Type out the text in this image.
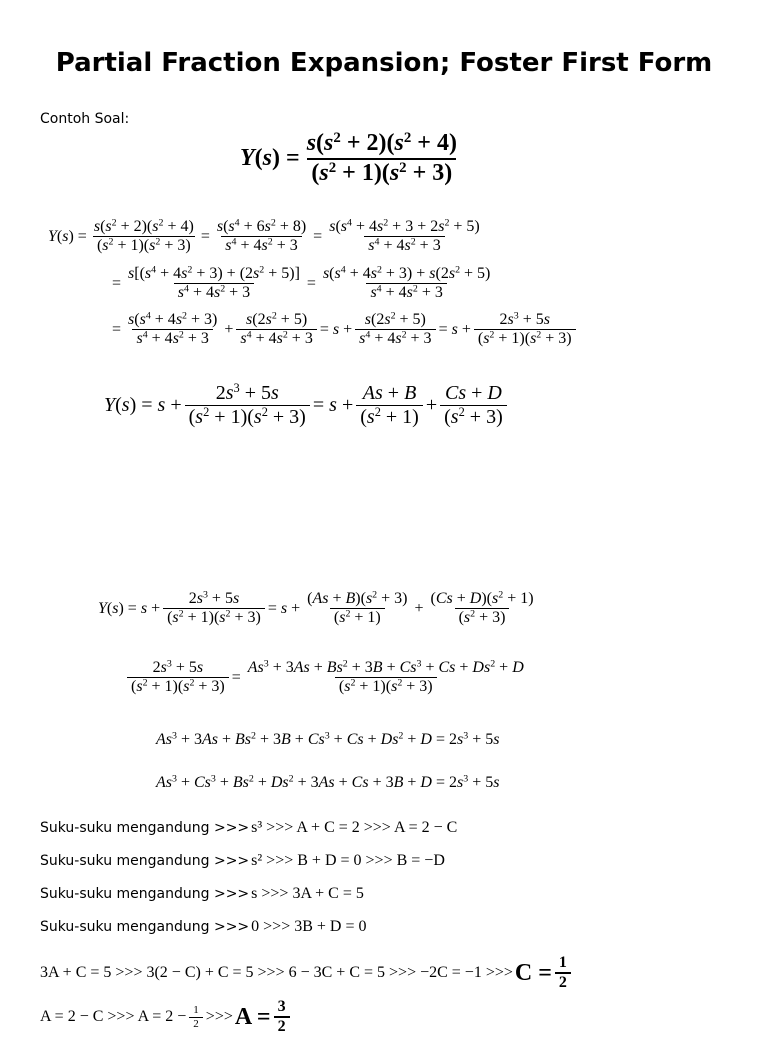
Partial Fraction Expansion; Foster First Form
Contoh Soal:
$Y(s) = \frac{s(s^2 + 2)(s^2 + 4)}{(s^2 + 1)(s^2 + 3)}$
$Y(s) = \frac{s(s^2 + 2)(s^2 + 4)}{(s^2 + 1)(s^2 + 3)} = \frac{s(s^4 + 6s^2 + 8)}{s^4 + 4s^2 + 3} = \frac{s(s^4 + 4s^2 + 3 + 2s^2 + 5)}{s^4 + 4s^2 + 3}$
= $\frac{s[(s^4 + 4s^2 + 3) + (2s^2 + 5)]}{s^4 + 4s^2 + 3} = \frac{s(s^4 + 4s^2 + 3) + s(2s^2 + 5)}{s^4 + 4s^2 + 3}$
= $\frac{s(s^4 + 4s^2 + 3)}{s^4 + 4s^2 + 3} + \frac{s(2s^2 + 5)}{s^4 + 4s^2 + 3} = s + \frac{s(2s^2 + 5)}{s^4 + 4s^2 + 3} = s + \frac{2s^3 + 5s}{(s^2 + 1)(s^2 + 3)}$
$Y(s) = s + \frac{2s^3 + 5s}{(s^2 + 1)(s^2 + 3)} = s + \frac{As + B}{(s^2 + 1)} + \frac{Cs + D}{(s^2 + 3)}$
$Y(s) = s + \frac{2s^3 + 5s}{(s^2 + 1)(s^2 + 3)} = s + \frac{(As + B)(s^2 + 3)}{(s^2 + 1)} + \frac{(Cs + D)(s^2 + 1)}{(s^2 + 3)}$
$\frac{2s^3 + 5s}{(s^2 + 1)(s^2 + 3)} = \frac{As^3 + 3As + Bs^2 + 3B + Cs^3 + Cs + Ds^2 + D}{(s^2 + 1)(s^2 + 3)}$
$As^3 + 3As + Bs^2 + 3B + Cs^3 + Cs + Ds^2 + D = 2s^3 + 5s$
$As^3 + Cs^3 + Bs^2 + Ds^2 + 3As + Cs + 3B + D = 2s^3 + 5s$
Suku-suku mengandung >>> s³ >>> A + C = 2 >>> A = 2 − C
Suku-suku mengandung >>> s² >>> B + D = 0 >>> B = −D
Suku-suku mengandung >>> s >>> 3A + C = 5
Suku-suku mengandung >>> 0 >>> 3B + D = 0
3A + C = 5 >>> 3(2 − C) + C = 5 >>> 6 − 3C + C = 5 >>> −2C = −1 >>> $C = \frac{1}{2}$
A = 2 − C >>> $A = 2 - \frac{1}{2}$ >>> $A = \frac{3}{2}$
